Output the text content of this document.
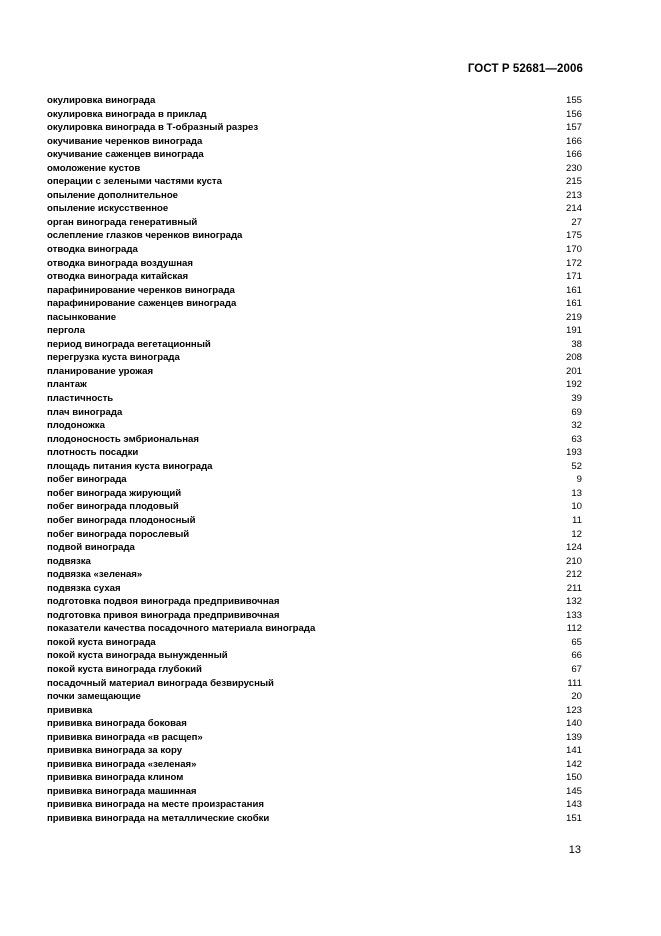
ГОСТ Р 52681—2006
окулировка винограда	155
окулировка винограда в приклад	156
окулировка винограда в Т-образный разрез	157
окучивание черенков винограда	166
окучивание саженцев винограда	166
омоложение кустов	230
операции с зелеными частями куста	215
опыление дополнительное	213
опыление искусственное	214
орган винограда генеративный	27
ослепление глазков черенков винограда	175
отводка винограда	170
отводка винограда воздушная	172
отводка винограда китайская	171
парафинирование черенков винограда	161
парафинирование саженцев винограда	161
пасынкование	219
пергола	191
период винограда вегетационный	38
перегрузка куста винограда	208
планирование урожая	201
плантаж	192
пластичность	39
плач винограда	69
плодоножка	32
плодоносность эмбриональная	63
плотность посадки	193
площадь питания куста винограда	52
побег винограда	9
побег винограда жирующий	13
побег винограда плодовый	10
побег винограда плодоносный	11
побег винограда порослевый	12
подвой винограда	124
подвязка	210
подвязка «зеленая»	212
подвязка сухая	211
подготовка подвоя винограда предпрививочная	132
подготовка привоя винограда предпрививочная	133
показатели качества посадочного материала винограда	112
покой куста винограда	65
покой куста винограда вынужденный	66
покой куста винограда глубокий	67
посадочный материал винограда безвирусный	111
почки замещающие	20
прививка	123
прививка винограда боковая	140
прививка винограда «в расщеп»	139
прививка винограда за кору	141
прививка винограда «зеленая»	142
прививка винограда клином	150
прививка винограда машинная	145
прививка винограда на месте произрастания	143
прививка винограда на металлические скобки	151
13
